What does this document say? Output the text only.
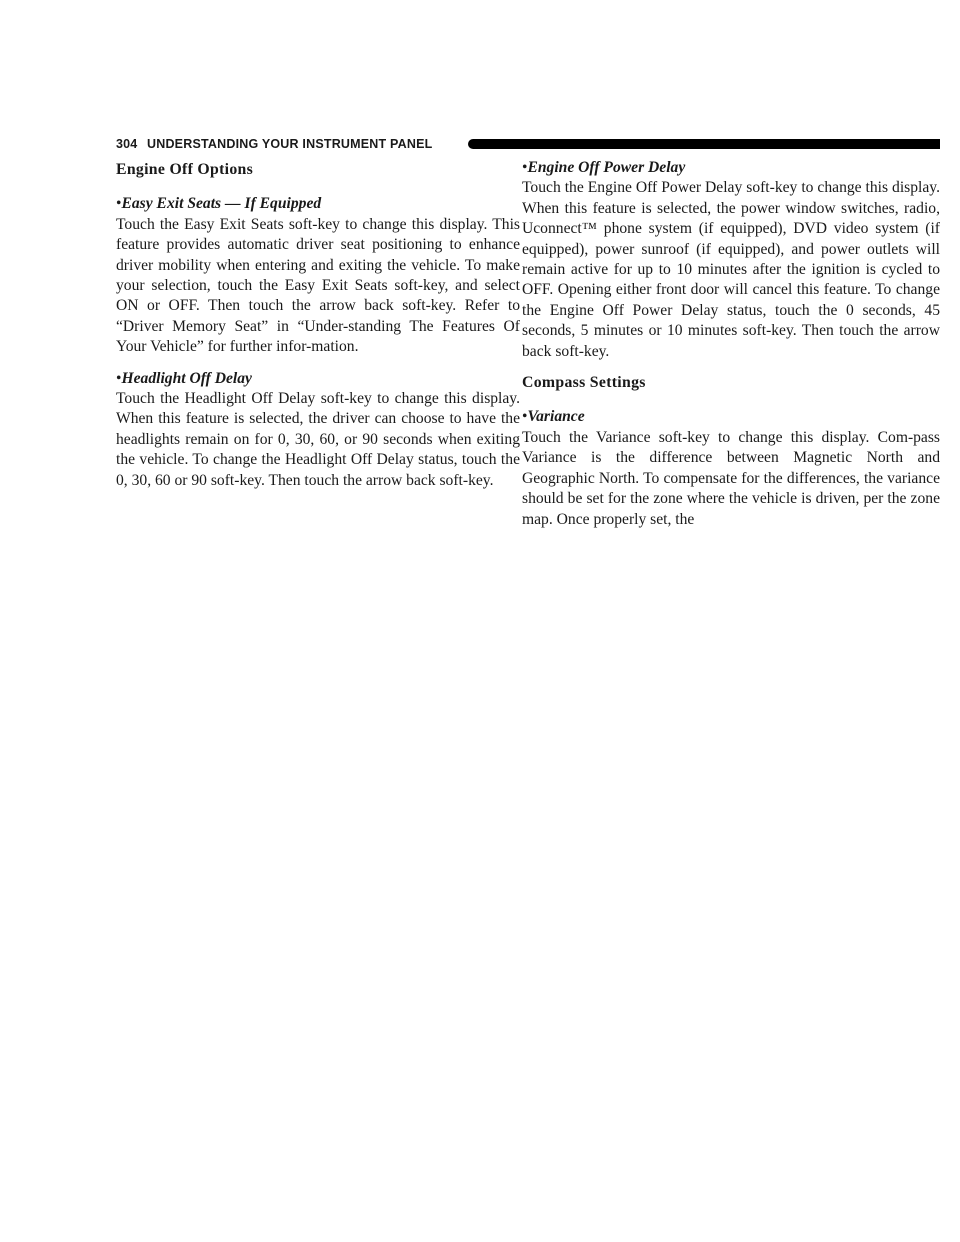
304 UNDERSTANDING YOUR INSTRUMENT PANEL
Engine Off Options
•Easy Exit Seats — If Equipped

Touch the Easy Exit Seats soft-key to change this display. This feature provides automatic driver seat positioning to enhance driver mobility when entering and exiting the vehicle. To make your selection, touch the Easy Exit Seats soft-key, and select ON or OFF. Then touch the arrow back soft-key. Refer to “Driver Memory Seat” in “Under-standing The Features Of Your Vehicle” for further infor-mation.

•Headlight Off Delay

Touch the Headlight Off Delay soft-key to change this display. When this feature is selected, the driver can choose to have the headlights remain on for 0, 30, 60, or 90 seconds when exiting the vehicle. To change the Headlight Off Delay status, touch the 0, 30, 60 or 90 soft-key. Then touch the arrow back soft-key.

•Engine Off Power Delay

Touch the Engine Off Power Delay soft-key to change this display. When this feature is selected, the power window switches, radio, Uconnect™ phone system (if equipped), DVD video system (if equipped), power sunroof (if equipped), and power outlets will remain active for up to 10 minutes after the ignition is cycled to OFF. Opening either front door will cancel this feature. To change the Engine Off Power Delay status, touch the 0 seconds, 45 seconds, 5 minutes or 10 minutes soft-key. Then touch the arrow back soft-key.

Compass Settings
•Variance

Touch the Variance soft-key to change this display. Com-pass Variance is the difference between Magnetic North and Geographic North. To compensate for the differences, the variance should be set for the zone where the vehicle is driven, per the zone map. Once properly set, the
